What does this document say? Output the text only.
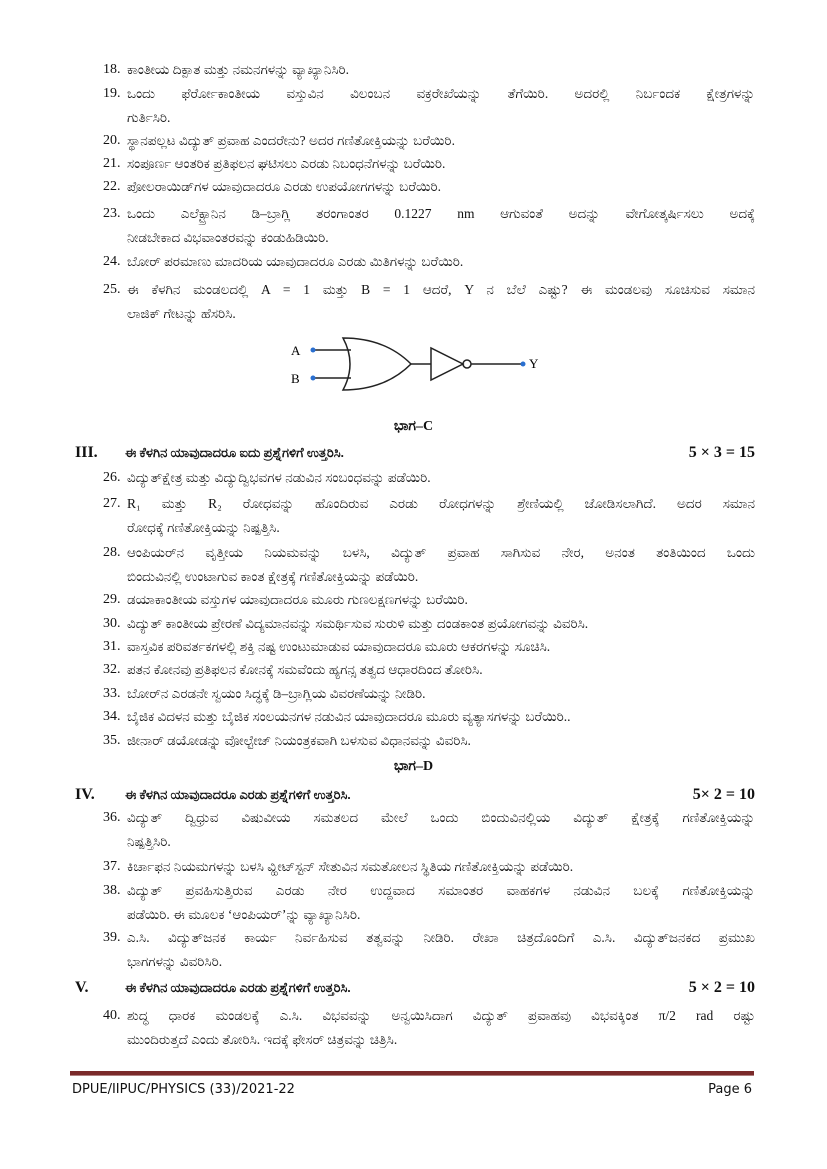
18. ಕಾಂತೀಯ ದಿಕ್ಪಾತ ಮತ್ತು ನಮನಗಳನ್ನು ವ್ಯಾಖ್ಯಾನಿಸಿರಿ.
19. ಒಂದು ಫೆರ್ರೋಕಾಂತೀಯ ವಸ್ತುವಿನ ವಿಲಂಬನ ವಕ್ರರೇಖೆಯನ್ನು ತೆಗೆಯಿರಿ. ಅದರಲ್ಲಿ ನಿರ್ಬಂದಕ ಕ್ಷೇತ್ರಗಳನ್ನು
ಗುರ್ತಿಸಿರಿ.
20. ಸ್ಥಾನಪಲ್ಲಟ ವಿದ್ಯುತ್ ಪ್ರವಾಹ ಎಂದರೇನು? ಅದರ ಗಣಿತೋಕ್ತಿಯನ್ನು ಬರೆಯಿರಿ.
21. ಸಂಪೂರ್ಣ ಆಂತರಿಕ ಪ್ರತಿಫಲನ ಘಟಿಸಲು ಎರಡು ನಿಬಂಧನೆಗಳನ್ನು ಬರೆಯಿರಿ.
22. ಪೋಲರಾಯಿಡ್‌ಗಳ ಯಾವುದಾದರೂ ಎರಡು ಉಪಯೋಗಗಳನ್ನು ಬರೆಯಿರಿ.
23. ಒಂದು ಎಲೆಕ್ಟ್ರಾನಿನ ಡಿ–ಬ್ರಾಗ್ಲಿ ತರಂಗಾಂತರ 0.1227 nm ಆಗುವಂತೆ ಅದನ್ನು ವೇಗೋತ್ಕರ್ಷಿಸಲು ಅದಕ್ಕೆ
ನೀಡಬೇಕಾದ ವಿಭವಾಂತರವನ್ನು ಕಂಡುಹಿಡಿಯಿರಿ.
24. ಬೋರ್ ಪರಮಾಣು ಮಾದರಿಯ ಯಾವುದಾದರೂ ಎರಡು ಮಿತಿಗಳನ್ನು ಬರೆಯಿರಿ.
25. ಈ ಕೆಳಗಿನ ಮಂಡಲದಲ್ಲಿ A = 1 ಮತ್ತು B = 1 ಆದರೆ, Y ನ ಬೆಲೆ ಎಷ್ಟು? ಈ ಮಂಡಲವು ಸೂಚಿಸುವ ಸಮಾನ
ಲಾಜಿಕ್ ಗೇಟನ್ನು ಹೆಸರಿಸಿ.
A
B
Y
ಭಾಗ–C
III. ಈ ಕೆಳಗಿನ ಯಾವುದಾದರೂ ಐದು ಪ್ರಶ್ನೆಗಳಿಗೆ ಉತ್ತರಿಸಿ.	5 × 3 = 15
26. ವಿದ್ಯುತ್‌ಕ್ಷೇತ್ರ ಮತ್ತು ವಿದ್ಯುದ್ವಿಭವಗಳ ನಡುವಿನ ಸಂಬಂಧವನ್ನು ಪಡೆಯಿರಿ.
27. R₁ ಮತ್ತು R₂ ರೋಧವನ್ನು ಹೊಂದಿರುವ ಎರಡು ರೋಧಗಳನ್ನು ಶ್ರೇಣಿಯಲ್ಲಿ ಜೋಡಿಸಲಾಗಿದೆ. ಅದರ ಸಮಾನ
ರೋಧಕ್ಕೆ ಗಣಿತೋಕ್ತಿಯನ್ನು ನಿಷ್ಪತ್ತಿಸಿ.
28. ಆಂಪಿಯರ್‌ನ ವೃತ್ತೀಯ ನಿಯಮವನ್ನು ಬಳಸಿ, ವಿದ್ಯುತ್ ಪ್ರವಾಹ ಸಾಗಿಸುವ ನೇರ, ಅನಂತ ತಂತಿಯಿಂದ ಒಂದು
ಬಿಂದುವಿನಲ್ಲಿ ಉಂಟಾಗುವ ಕಾಂತ ಕ್ಷೇತ್ರಕ್ಕೆ ಗಣಿತೋಕ್ತಿಯನ್ನು ಪಡೆಯಿರಿ.
29. ಡಯಾಕಾಂತೀಯ ವಸ್ತುಗಳ ಯಾವುದಾದರೂ ಮೂರು ಗುಣಲಕ್ಷಣಗಳನ್ನು ಬರೆಯಿರಿ.
30. ವಿದ್ಯುತ್ ಕಾಂತೀಯ ಪ್ರೇರಣೆ ವಿದ್ಯಮಾನವನ್ನು ಸಮರ್ಥಿಸುವ ಸುರುಳಿ ಮತ್ತು ದಂಡಕಾಂತ ಪ್ರಯೋಗವನ್ನು ವಿವರಿಸಿ.
31. ವಾಸ್ತವಿಕ ಪರಿವರ್ತಕಗಳಲ್ಲಿ ಶಕ್ತಿ ನಷ್ಟ ಉಂಟುಮಾಡುವ ಯಾವುದಾದರೂ ಮೂರು ಆಕರಗಳನ್ನು ಸೂಚಿಸಿ.
32. ಪತನ ಕೋನವು ಪ್ರತಿಫಲನ ಕೋನಕ್ಕೆ ಸಮವೆಂದು ಹ್ಯಗನ್ಸ ತತ್ವದ ಆಧಾರದಿಂದ ತೋರಿಸಿ.
33. ಬೋರ್‌ನ ಎರಡನೇ ಸ್ವಯಂ ಸಿದ್ಧಕ್ಕೆ ಡಿ–ಬ್ರಾಗ್ಲಿಯ ವಿವರಣೆಯನ್ನು ನೀಡಿರಿ.
34. ಬೈಜಿಕ ವಿದಳನ ಮತ್ತು ಬೈಜಿಕ ಸಂಲಯನಗಳ ನಡುವಿನ ಯಾವುದಾದರೂ ಮೂರು ವ್ಯತ್ಯಾಸಗಳನ್ನು ಬರೆಯಿರಿ..
35. ಜೀನಾರ್ ಡಯೋಡನ್ನು ವೋಲ್ಟೇಜ್ ನಿಯಂತ್ರಕವಾಗಿ ಬಳಸುವ ವಿಧಾನವನ್ನು ವಿವರಿಸಿ.
ಭಾಗ–D
IV. ಈ ಕೆಳಗಿನ ಯಾವುದಾದರೂ ಎರಡು ಪ್ರಶ್ನೆಗಳಿಗೆ ಉತ್ತರಿಸಿ.	5× 2 = 10
36. ವಿದ್ಯುತ್ ದ್ವಿಧ್ರುವ ವಿಷುವೀಯ ಸಮತಲದ ಮೇಲೆ ಒಂದು ಬಿಂದುವಿನಲ್ಲಿಯ ವಿದ್ಯುತ್ ಕ್ಷೇತ್ರಕ್ಕೆ ಗಣಿತೋಕ್ತಿಯನ್ನು
ನಿಷ್ಪತ್ತಿಸಿರಿ.
37. ಕಿರ್ಚಾಫನ ನಿಯಮಗಳನ್ನು ಬಳಸಿ ವ್ಹೀಟ್‌ಸ್ಟನ್ ಸೇತುವಿನ ಸಮತೋಲನ ಸ್ಥಿತಿಯ ಗಣಿತೋಕ್ತಿಯನ್ನು ಪಡೆಯಿರಿ.
38. ವಿದ್ಯುತ್ ಪ್ರವಹಿಸುತ್ತಿರುವ ಎರಡು ನೇರ ಉದ್ದವಾದ ಸಮಾಂತರ ವಾಹಕಗಳ ನಡುವಿನ ಬಲಕ್ಕೆ ಗಣಿತೋಕ್ತಿಯನ್ನು
ಪಡೆಯಿರಿ. ಈ ಮೂಲಕ ‘ಆಂಪಿಯರ್’ನ್ನು ವ್ಯಾಖ್ಯಾನಿಸಿರಿ.
39. ಎ.ಸಿ. ವಿದ್ಯುತ್‌ಜನಕ ಕಾರ್ಯ ನಿರ್ವಹಿಸುವ ತತ್ವವನ್ನು ನೀಡಿರಿ. ರೇಖಾ ಚಿತ್ರದೊಂದಿಗೆ ಎ.ಸಿ. ವಿದ್ಯುತ್‌ಜನಕದ ಪ್ರಮುಖ
ಭಾಗಗಳನ್ನು ವಿವರಿಸಿರಿ.
V.	ಈ ಕೆಳಗಿನ ಯಾವುದಾದರೂ ಎರಡು ಪ್ರಶ್ನೆಗಳಿಗೆ ಉತ್ತರಿಸಿ.	5 × 2 = 10
40. ಶುದ್ಧ ಧಾರಕ ಮಂಡಲಕ್ಕೆ ಎ.ಸಿ. ವಿಭವವನ್ನು ಅನ್ವಯಿಸಿದಾಗ ವಿದ್ಯುತ್ ಪ್ರವಾಹವು ವಿಭವಕ್ಕಿಂತ π/2 rad ರಷ್ಟು
ಮುಂದಿರುತ್ತದೆ ಎಂದು ತೋರಿಸಿ. ಇದಕ್ಕೆ ಫೇಸರ್ ಚಿತ್ರವನ್ನು ಚಿತ್ರಿಸಿ.
DPUE/IIPUC/PHYSICS (33)/2021-22	Page 6
